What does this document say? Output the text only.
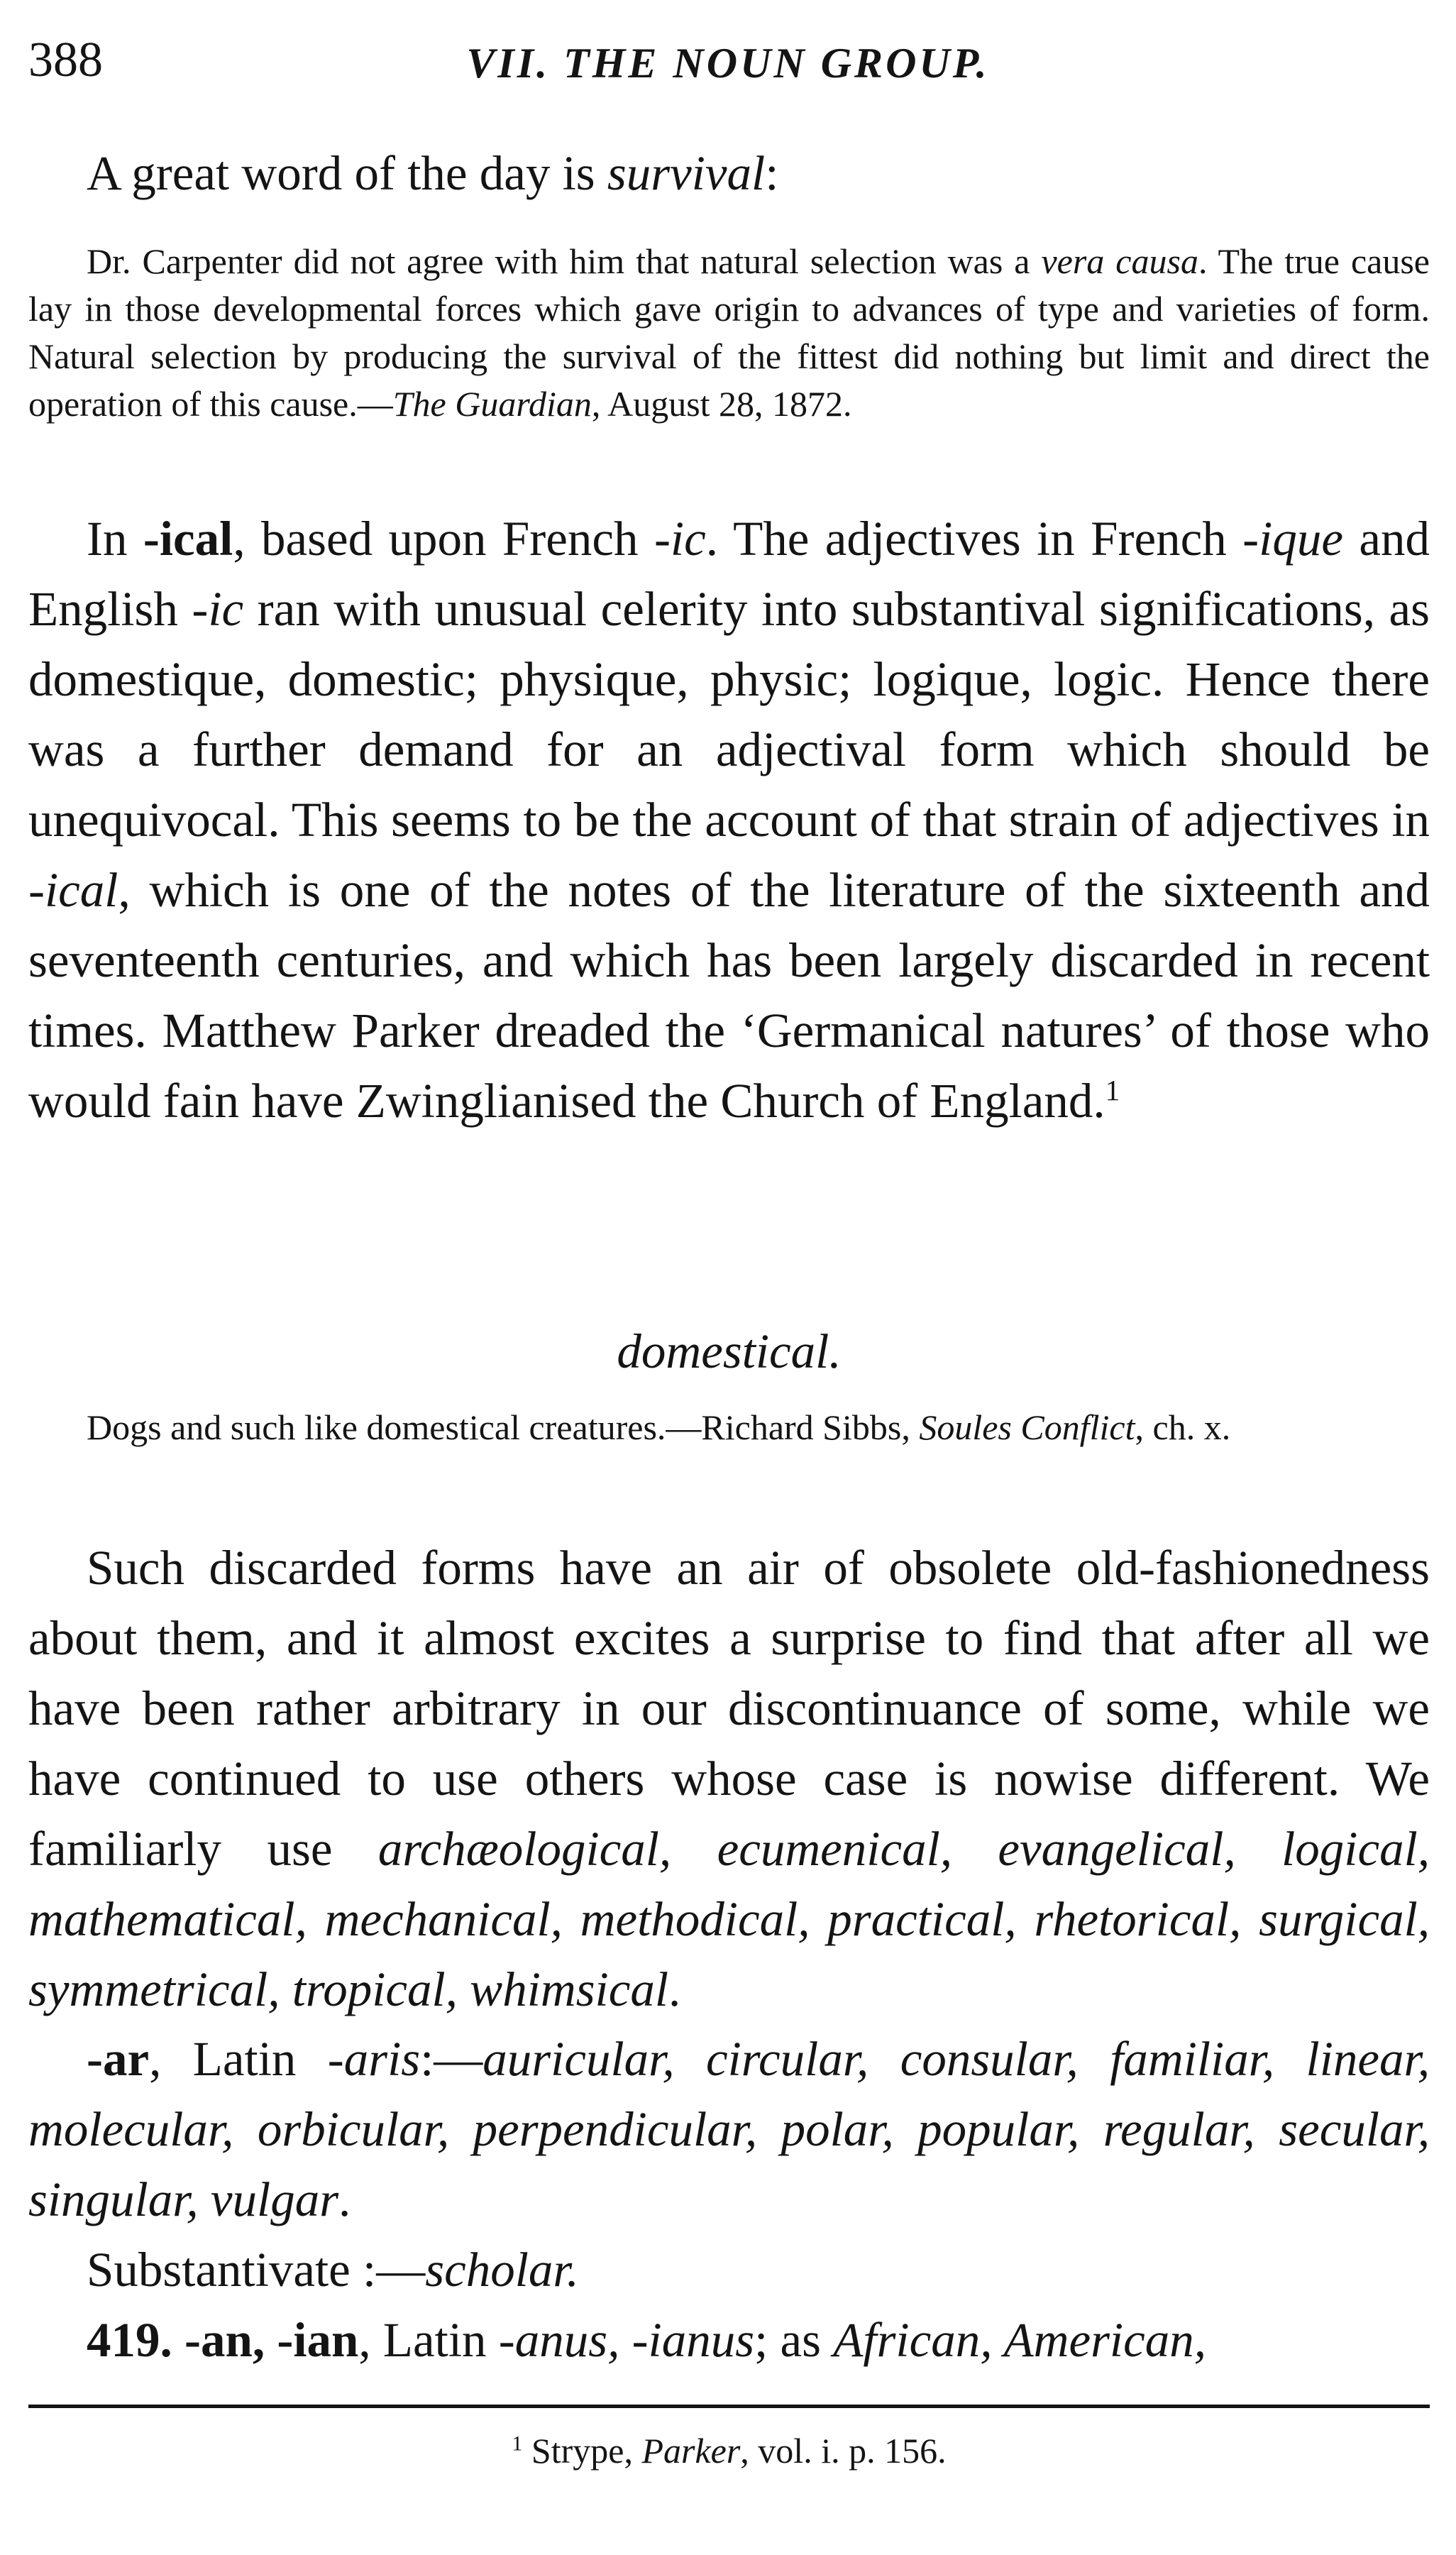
388	VII. THE NOUN GROUP.
A great word of the day is survival:
Dr. Carpenter did not agree with him that natural selection was a vera causa. The true cause lay in those developmental forces which gave origin to advances of type and varieties of form. Natural selection by producing the survival of the fittest did nothing but limit and direct the operation of this cause.—The Guardian, August 28, 1872.
In -ical, based upon French -ic. The adjectives in French -ique and English -ic ran with unusual celerity into substantival significations, as domestique, domestic; physique, physic; logique, logic. Hence there was a further demand for an adjectival form which should be unequivocal. This seems to be the account of that strain of adjectives in -ical, which is one of the notes of the literature of the sixteenth and seventeenth centuries, and which has been largely discarded in recent times. Matthew Parker dreaded the ‘Germanical natures’ of those who would fain have Zwinglianised the Church of England.$^1$
domestical.
Dogs and such like domestical creatures.—Richard Sibbs, Soules Conflict, ch. x.
Such discarded forms have an air of obsolete old-fashionedness about them, and it almost excites a surprise to find that after all we have been rather arbitrary in our discontinuance of some, while we have continued to use others whose case is nowise different. We familiarly use archæological, ecumenical, evangelical, logical, mathematical, mechanical, methodical, practical, rhetorical, surgical, symmetrical, tropical, whimsical.
-ar, Latin -aris:—auricular, circular, consular, familiar, linear, molecular, orbicular, perpendicular, polar, popular, regular, secular, singular, vulgar.
Substantivate :—scholar.
419. -an, -ian, Latin -anus, -ianus; as African, American,
$^1$ Strype, Parker, vol. i. p. 156.
